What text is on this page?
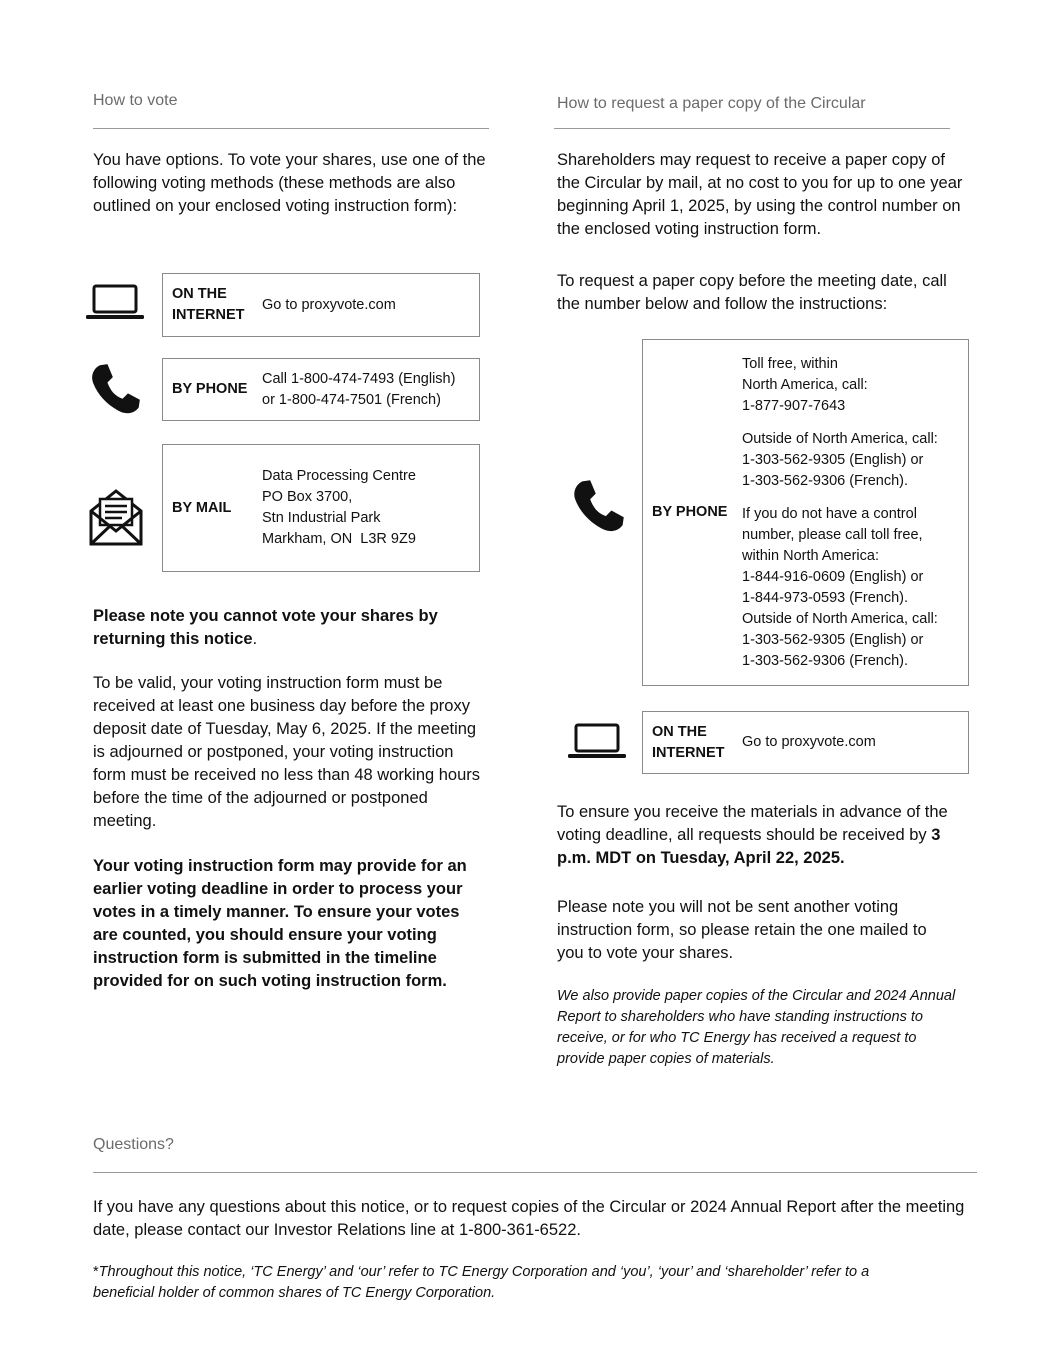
How to vote
You have options. To vote your shares, use one of the following voting methods (these methods are also outlined on your enclosed voting instruction form):
ON THE INTERNET
Go to proxyvote.com
BY PHONE
Call 1-800-474-7493 (English)
or 1-800-474-7501 (French)
BY MAIL
Data Processing Centre
PO Box 3700,
Stn Industrial Park
Markham, ON  L3R 9Z9
Please note you cannot vote your shares by returning this notice.
To be valid, your voting instruction form must be received at least one business day before the proxy deposit date of Tuesday, May 6, 2025. If the meeting is adjourned or postponed, your voting instruction form must be received no less than 48 working hours before the time of the adjourned or postponed meeting.
Your voting instruction form may provide for an earlier voting deadline in order to process your votes in a timely manner. To ensure your votes are counted, you should ensure your voting instruction form is submitted in the timeline provided for on such voting instruction form.
How to request a paper copy of the Circular
Shareholders may request to receive a paper copy of the Circular by mail, at no cost to you for up to one year beginning April 1, 2025, by using the control number on the enclosed voting instruction form.
To request a paper copy before the meeting date, call the number below and follow the instructions:
BY PHONE
Toll free, within
North America, call:
1-877-907-7643
Outside of North America, call:
1-303-562-9305 (English) or
1-303-562-9306 (French).
If you do not have a control
number, please call toll free,
within North America:
1-844-916-0609 (English) or
1-844-973-0593 (French).
Outside of North America, call:
1-303-562-9305 (English) or
1-303-562-9306 (French).
ON THE INTERNET
Go to proxyvote.com
To ensure you receive the materials in advance of the voting deadline, all requests should be received by 3 p.m. MDT on Tuesday, April 22, 2025.
Please note you will not be sent another voting instruction form, so please retain the one mailed to you to vote your shares.
We also provide paper copies of the Circular and 2024 Annual Report to shareholders who have standing instructions to receive, or for who TC Energy has received a request to provide paper copies of materials.
Questions?
If you have any questions about this notice, or to request copies of the Circular or 2024 Annual Report after the meeting date, please contact our Investor Relations line at 1-800-361-6522.
*Throughout this notice, ‘TC Energy’ and ‘our’ refer to TC Energy Corporation and ‘you’, ‘your’ and ‘shareholder’ refer to a beneficial holder of common shares of TC Energy Corporation.
